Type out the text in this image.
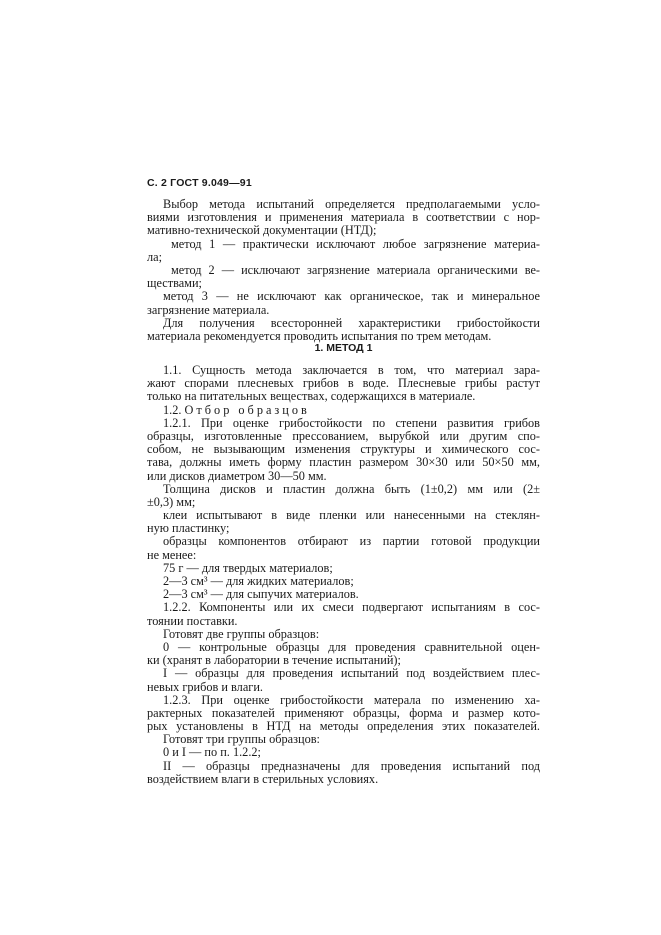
С. 2 ГОСТ 9.049—91
Выбор метода испытаний определяется предполагаемыми усло-
виями изготовления и применения материала в соответствии с нор-
мативно-технической документации (НТД);
метод 1 — практически исключают любое загрязнение материа-
ла;
метод 2 — исключают загрязнение материала органическими ве-
ществами;
метод 3 — не исключают как органическое, так и минеральное
загрязнение материала.
Для получения всесторонней характеристики грибостойкости
материала рекомендуется проводить испытания по трем методам.
1. МЕТОД 1
1.1. Сущность метода заключается в том, что материал зара-
жают спорами плесневых грибов в воде. Плесневые грибы растут
только на питательных веществах, содержащихся в материале.
1.2. Отбор образцов
1.2.1. При оценке грибостойкости по степени развития грибов
образцы, изготовленные прессованием, вырубкой или другим спо-
собом, не вызывающим изменения структуры и химического сос-
тава, должны иметь форму пластин размером 30×30 или 50×50 мм,
или дисков диаметром 30—50 мм.
Толщина дисков и пластин должна быть (1±0,2) мм или (2±
±0,3) мм;
клеи испытывают в виде пленки или нанесенными на стеклян-
ную пластинку;
образцы компонентов отбирают из партии готовой продукции
не менее:
75 г — для твердых материалов;
2—3 см³ — для жидких материалов;
2—3 см³ — для сыпучих материалов.
1.2.2. Компоненты или их смеси подвергают испытаниям в сос-
тоянии поставки.
Готовят две группы образцов:
0 — контрольные образцы для проведения сравнительной оцен-
ки (хранят в лаборатории в течение испытаний);
I — образцы для проведения испытаний под воздействием плес-
невых грибов и влаги.
1.2.3. При оценке грибостойкости матерала по изменению ха-
рактерных показателей применяют образцы, форма и размер кото-
рых установлены в НТД на методы определения этих показателей.
Готовят три группы образцов:
0 и I — по п. 1.2.2;
II — образцы предназначены для проведения испытаний под
воздействием влаги в стерильных условиях.
